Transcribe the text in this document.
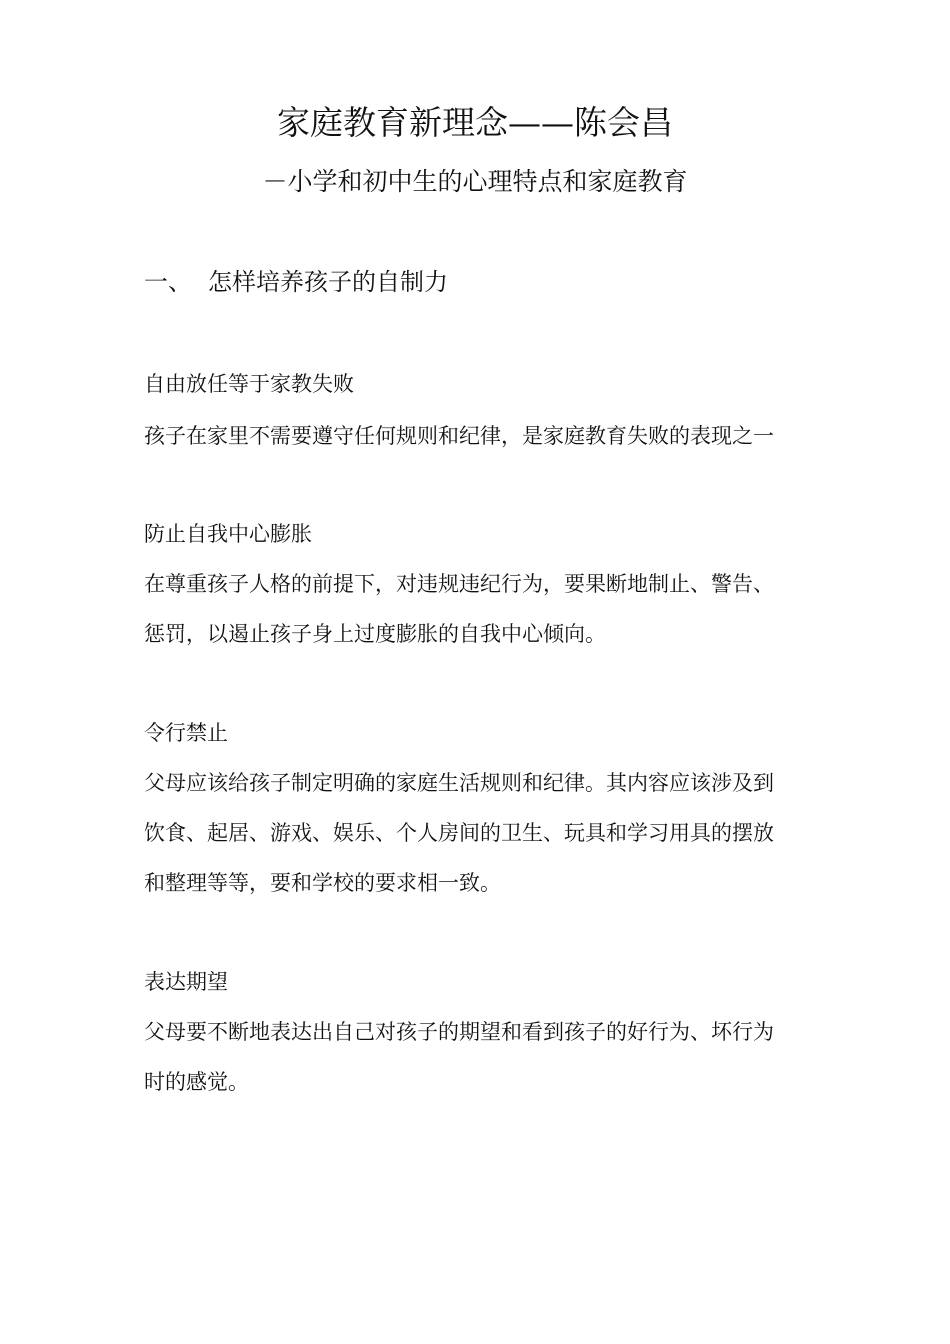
家庭教育新理念——陈会昌
－小学和初中生的心理特点和家庭教育
一、 怎样培养孩子的自制力
自由放任等于家教失败
孩子在家里不需要遵守任何规则和纪律，是家庭教育失败的表现之一
防止自我中心膨胀
在尊重孩子人格的前提下，对违规违纪行为，要果断地制止、警告、
惩罚，以遏止孩子身上过度膨胀的自我中心倾向。
令行禁止
父母应该给孩子制定明确的家庭生活规则和纪律。其内容应该涉及到
饮食、起居、游戏、娱乐、个人房间的卫生、玩具和学习用具的摆放
和整理等等，要和学校的要求相一致。
表达期望
父母要不断地表达出自己对孩子的期望和看到孩子的好行为、坏行为
时的感觉。
